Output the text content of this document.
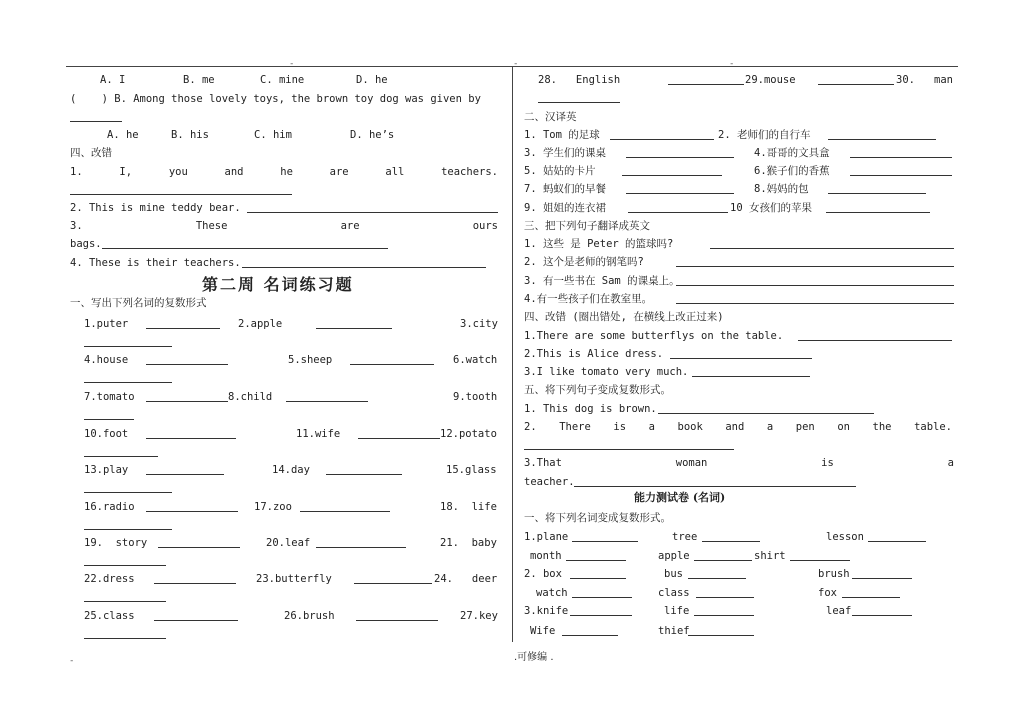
-	-	-
A. I	B. me	C. mine	D. he
(    ) B. Among those lovely toys, the brown toy dog was given by
A. he	B. his	C. him	D. he’s
四、改错
1.	I,	you	and	he	are	all	teachers.
2. This is mine teddy bear.
3.	These	are	ours
bags.
4. These is their teachers.
第二周 名词练习题
一、写出下列名词的复数形式
1.puter	2.apple	3.city
4.house	5.sheep	6.watch
7.tomato	8.child	9.tooth
10.foot	11.wife	12.potato
13.play	14.day	15.glass
16.radio	17.zoo	18.  life
19.  story	20.leaf	21.  baby
22.dress	23.butterfly	24.   deer
25.class	26.brush	27.key
28.   English	29.mouse	30. man
二、汉译英
1. Tom 的足球	2. 老师们的自行车
3. 学生们的课桌	4.哥哥的文具盒
5. 姑姑的卡片	6.猴子们的香蕉
7. 蚂蚁们的早餐	8.妈妈的包
9. 姐姐的连衣裙	10 女孩们的苹果
三、把下列句子翻译成英文
1. 这些 是 Peter 的篮球吗?
2. 这个是老师的钢笔吗?
3. 有一些书在 Sam 的课桌上。
4.有一些孩子们在教室里。
四、改错 (圈出错处, 在横线上改正过来)
1.There are some butterflys on the table.
2.This is Alice dress.
3.I like tomato very much.
五、将下列句子变成复数形式。
1. This dog is brown.
2. There is a book and a pen on the table.
3.That	woman	is	a
teacher.
能力测试卷 (名词)
一、将下列名词变成复数形式。
1.plane	tree	lesson
month	apple	shirt
2. box	bus	brush
watch	class	fox
3.knife	life	leaf
Wife	thief
-	.可修编 .
